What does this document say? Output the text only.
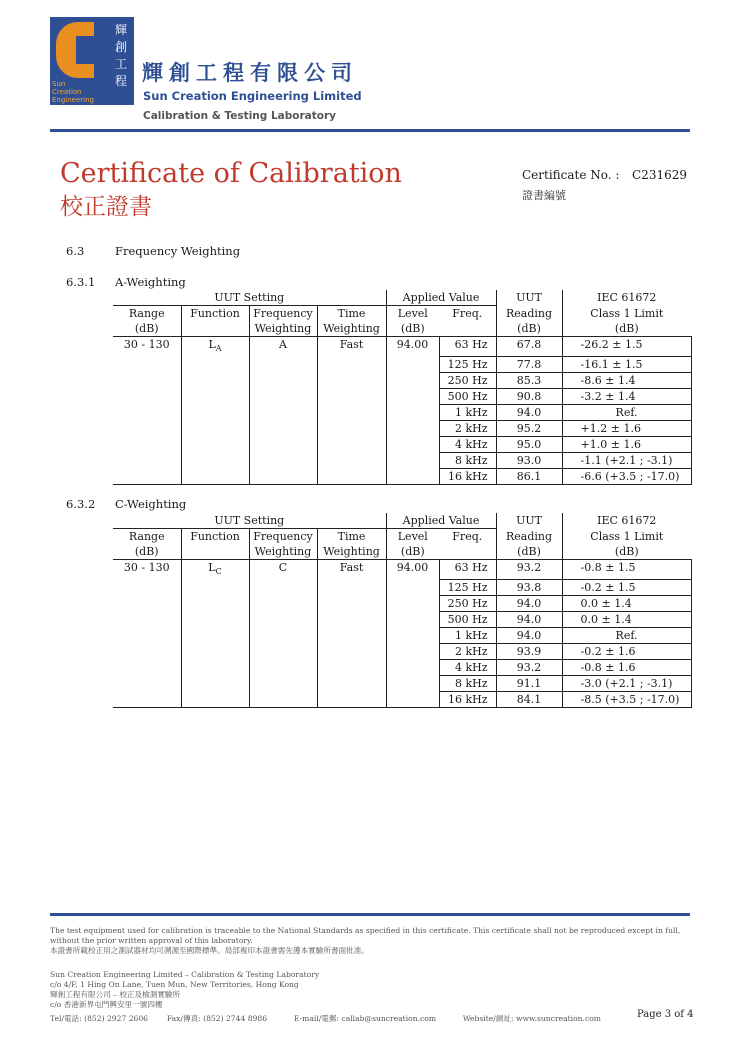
Sun
Creation
Engineering
輝
創
工
程 輝創工程有限公司
Sun Creation Engineering Limited
Calibration & Testing Laboratory
Certificate of Calibration
校正證書
Certificate No. : C231629
證書編號
6.3	Frequency Weighting
6.3.1 A-Weighting
UUT Setting				Applied Value		UUT	IEC 61672
Range	Function	Frequency	Time	Level	Freq.	Reading	Class 1 Limit
(dB)		Weighting	Weighting	(dB)		(dB)	(dB)
30 - 130	$L_A$	A	Fast	94.00	63 Hz	67.8	-26.2 ± 1.5
					125 Hz	77.8	-16.1 ± 1.5
					250 Hz	85.3	-8.6 ± 1.4
					500 Hz	90.8	-3.2 ± 1.4
					1 kHz	94.0	Ref.
					2 kHz	95.2	+1.2 ± 1.6
					4 kHz	95.0	+1.0 ± 1.6
					8 kHz	93.0	-1.1 (+2.1 ; -3.1)
					16 kHz	86.1	-6.6 (+3.5 ; -17.0)
6.3.2 C-Weighting
UUT Setting				Applied Value		UUT	IEC 61672
Range	Function	Frequency	Time	Level	Freq.	Reading	Class 1 Limit
(dB)		Weighting	Weighting	(dB)		(dB)	(dB)
30 - 130	$L_C$	C	Fast	94.00	63 Hz	93.2	-0.8 ± 1.5
					125 Hz	93.8	-0.2 ± 1.5
					250 Hz	94.0	0.0 ± 1.4
					500 Hz	94.0	0.0 ± 1.4
					1 kHz	94.0	Ref.
					2 kHz	93.9	-0.2 ± 1.6
					4 kHz	93.2	-0.8 ± 1.6
					8 kHz	91.1	-3.0 (+2.1 ; -3.1)
					16 kHz	84.1	-8.5 (+3.5 ; -17.0)
The test equipment used for calibration is traceable to the National Standards as specified in this certificate. This certificate shall not be reproduced except in full, without the prior written approval of this laboratory.
本證書所載校正用之測試器材均可溯源至國際標準。局部複印本證書需先獲本實驗所書面批准。
Sun Creation Engineering Limited – Calibration & Testing Laboratory
c/o 4/F, 1 Hing On Lane, Tuen Mun, New Territories, Hong Kong
輝創工程有限公司 – 校正及檢測實驗所
c/o 香港新界屯門興安里一號四樓
Tel/電話: (852) 2927 2606 Fax/傳真: (852) 2744 8986	E-mail/電郵: callab@suncreation.com	Website/網址: www.suncreation.com	Page 3 of 4
